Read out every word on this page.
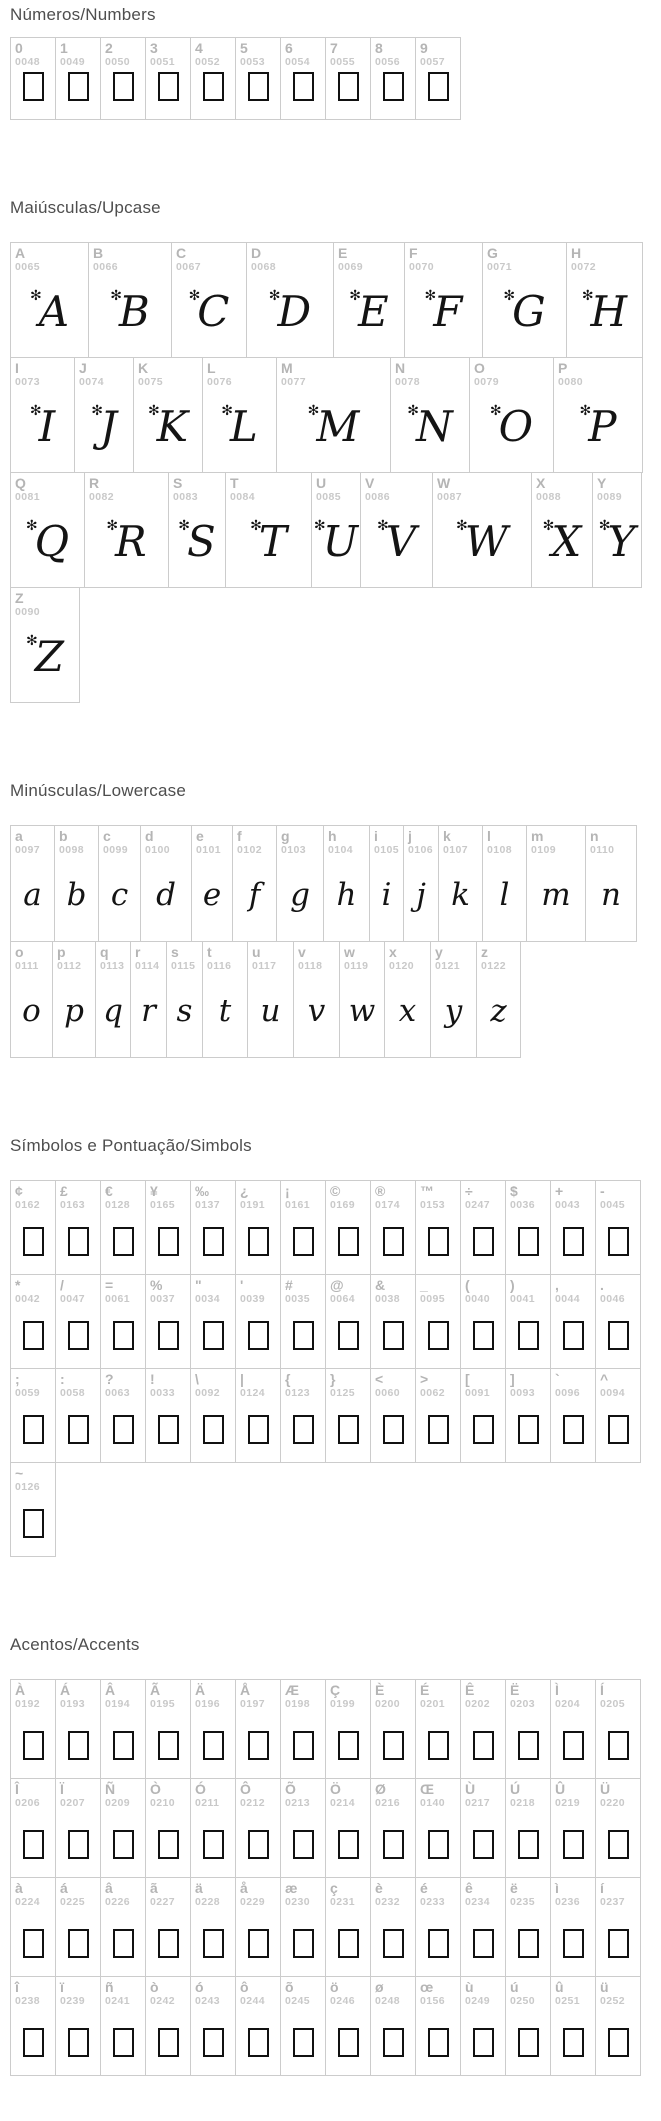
Números/Numbers
0
0048
1
0049
2
0050
3
0051
4
0052
5
0053
6
0054
7
0055
8
0056
9
0057
Maiúsculas/Upcase
A
0065
✻A
B
0066
✻B
C
0067
✻C
D
0068
✻D
E
0069
✻E
F
0070
✻F
G
0071
✻G
H
0072
✻H
I
0073
✻I
J
0074
✻J
K
0075
✻K
L
0076
✻L
M
0077
✻M
N
0078
✻N
O
0079
✻O
P
0080
✻P
Q
0081
✻Q
R
0082
✻R
S
0083
✻S
T
0084
✻T
U
0085
✻U
V
0086
✻V
W
0087
✻W
X
0088
✻X
Y
0089
✻Y
Z
0090
✻Z
Minúsculas/Lowercase
a
0097
a
b
0098
b
c
0099
c
d
0100
d
e
0101
e
f
0102
f
g
0103
g
h
0104
h
i
0105
i
j
0106
j
k
0107
k
l
0108
l
m
0109
m
n
0110
n
o
0111
o
p
0112
p
q
0113
q
r
0114
r
s
0115
s
t
0116
t
u
0117
u
v
0118
v
w
0119
w
x
0120
x
y
0121
y
z
0122
z
Símbolos e Pontuação/Simbols
¢
0162
£
0163
€
0128
¥
0165
‰
0137
¿
0191
¡
0161
©
0169
®
0174
™
0153
÷
0247
$
0036
+
0043
-
0045
*
0042
/
0047
=
0061
%
0037
"
0034
'
0039
#
0035
@
0064
&
0038
_
0095
(
0040
)
0041
,
0044
.
0046
;
0059
:
0058
?
0063
!
0033
\
0092
|
0124
{
0123
}
0125
<
0060
>
0062
[
0091
]
0093
`
0096
^
0094
~
0126
Acentos/Accents
À
0192
Á
0193
Â
0194
Ã
0195
Ä
0196
Å
0197
Æ
0198
Ç
0199
È
0200
É
0201
Ê
0202
Ë
0203
Ì
0204
Í
0205
Î
0206
Ï
0207
Ñ
0209
Ò
0210
Ó
0211
Ô
0212
Õ
0213
Ö
0214
Ø
0216
Œ
0140
Ù
0217
Ú
0218
Û
0219
Ü
0220
à
0224
á
0225
â
0226
ã
0227
ä
0228
å
0229
æ
0230
ç
0231
è
0232
é
0233
ê
0234
ë
0235
ì
0236
í
0237
î
0238
ï
0239
ñ
0241
ò
0242
ó
0243
ô
0244
õ
0245
ö
0246
ø
0248
œ
0156
ù
0249
ú
0250
û
0251
ü
0252
